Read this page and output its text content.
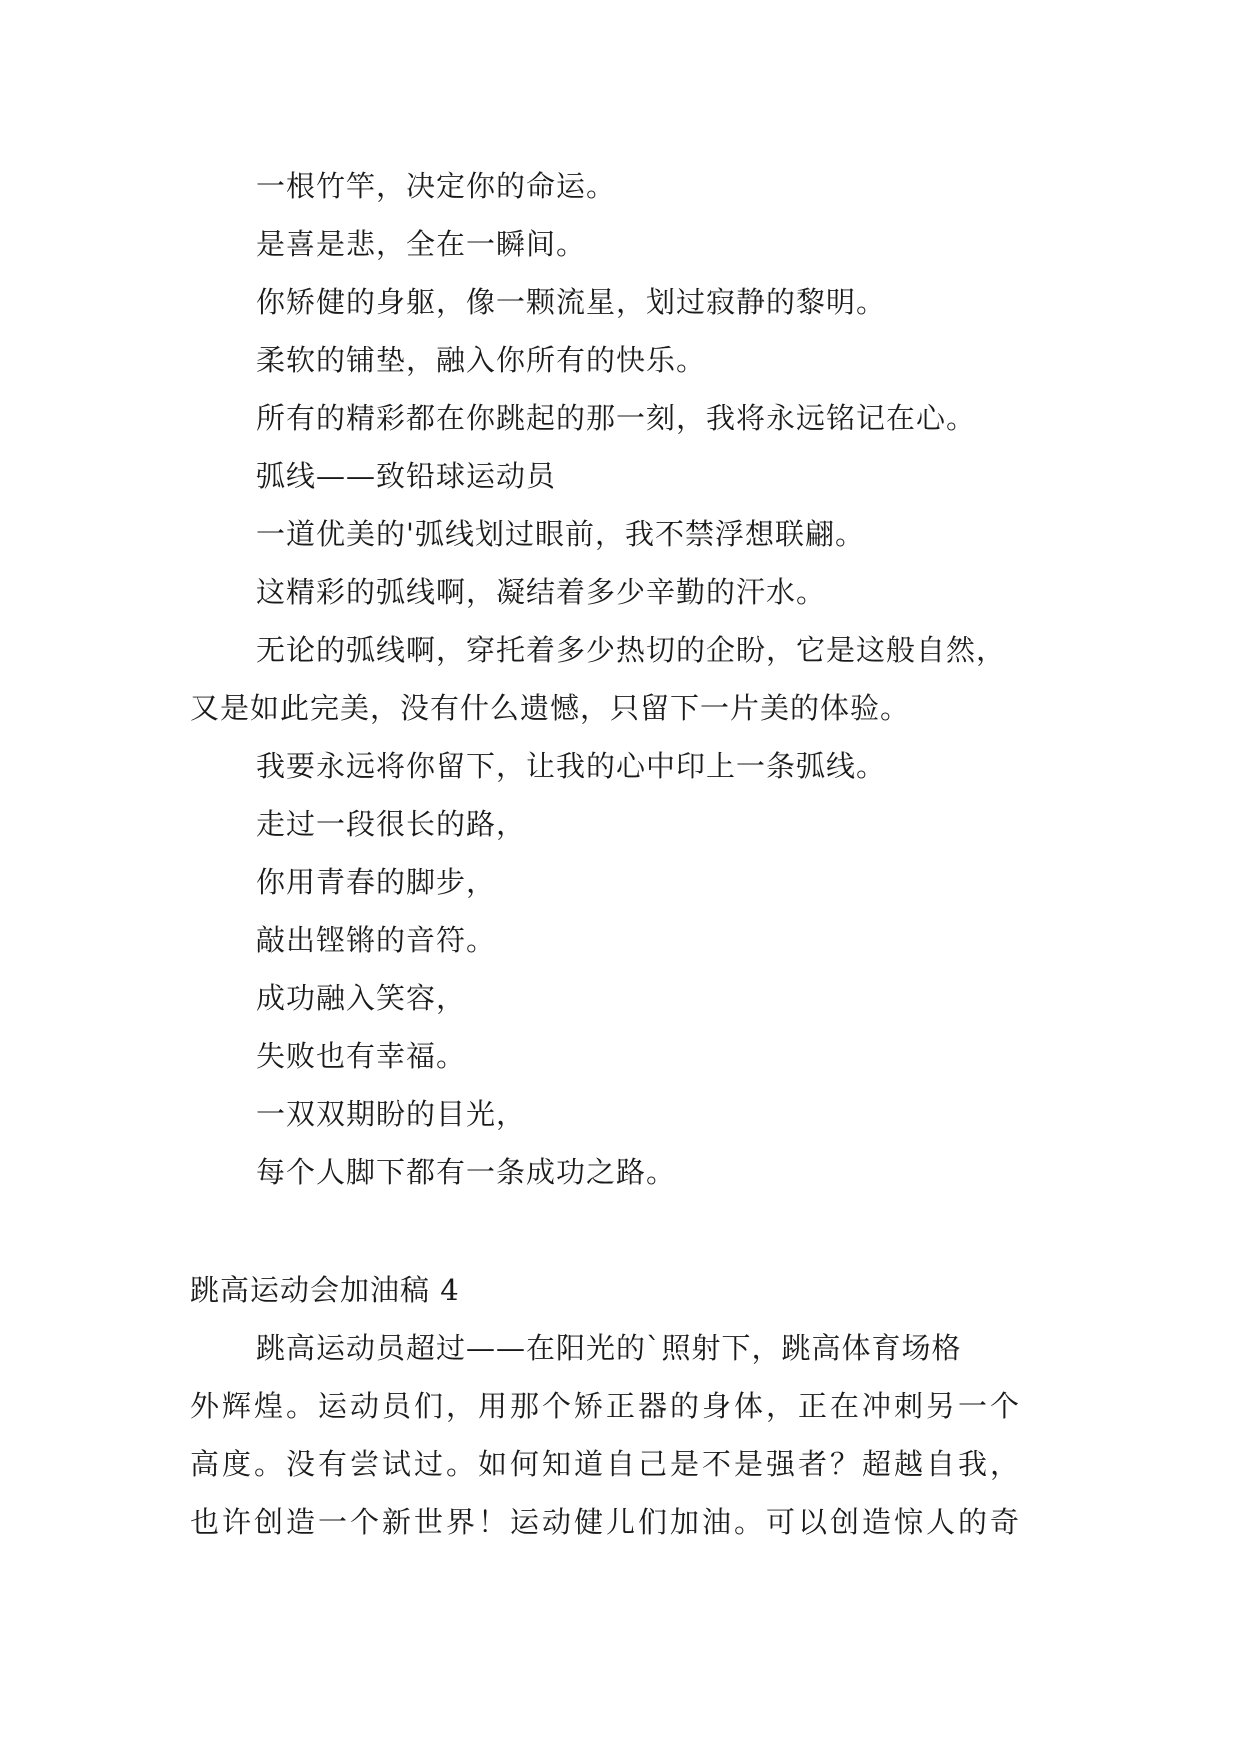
一根竹竿，决定你的命运。
是喜是悲，全在一瞬间。
你矫健的身躯，像一颗流星，划过寂静的黎明。
柔软的铺垫，融入你所有的快乐。
所有的精彩都在你跳起的那一刻，我将永远铭记在心。
弧线——致铅球运动员
一道优美的'弧线划过眼前，我不禁浮想联翩。
这精彩的弧线啊，凝结着多少辛勤的汗水。
无论的弧线啊，穿托着多少热切的企盼，它是这般自然，
又是如此完美，没有什么遗憾，只留下一片美的体验。
我要永远将你留下，让我的心中印上一条弧线。
走过一段很长的路，
你用青春的脚步，
敲出铿锵的音符。
成功融入笑容，
失败也有幸福。
一双双期盼的目光，
每个人脚下都有一条成功之路。
跳高运动会加油稿 4
跳高运动员超过——在阳光的`照射下，跳高体育场格
外辉煌。运动员们，用那个矫正器的身体，正在冲刺另一个
高度。没有尝试过。如何知道自己是不是强者？超越自我，
也许创造一个新世界！运动健儿们加油。可以创造惊人的奇
